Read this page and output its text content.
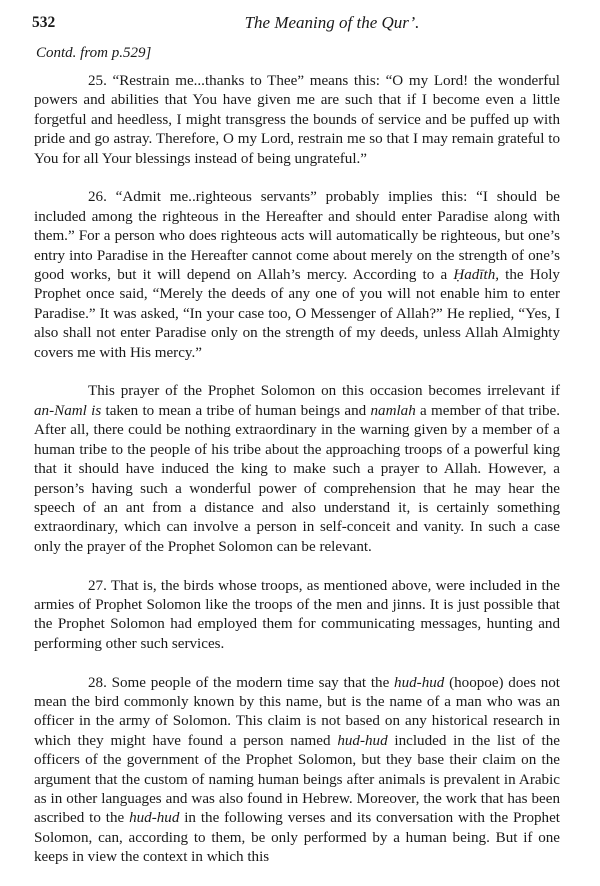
532	The Meaning of the Qur’.
Contd. from p.529]

25. “Restrain me...thanks to Thee” means this: “O my Lord! the wonderful powers and abilities that You have given me are such that if I become even a little forgetful and heedless, I might transgress the bounds of service and be puffed up with pride and go astray. Therefore, O my Lord, restrain me so that I may remain grateful to You for all Your blessings instead of being ungrateful.”

26. “Admit me..righteous servants” probably implies this: “I should be included among the righteous in the Hereafter and should enter Paradise along with them.” For a person who does righteous acts will automatically be righteous, but one’s entry into Paradise in the Hereafter cannot come about merely on the strength of one’s good works, but it will depend on Allah’s mercy. According to a Ḥadīth, the Holy Prophet once said, “Merely the deeds of any one of you will not enable him to enter Paradise.” It was asked, “In your case too, O Messenger of Allah?” He replied, “Yes, I also shall not enter Paradise only on the strength of my deeds, unless Allah Almighty covers me with His mercy.”

This prayer of the Prophet Solomon on this occasion becomes irrelevant if an-Naml is taken to mean a tribe of human beings and namlah a member of that tribe. After all, there could be nothing extraordinary in the warning given by a member of a human tribe to the people of his tribe about the approaching troops of a powerful king that it should have induced the king to make such a prayer to Allah. However, a person’s having such a wonderful power of comprehension that he may hear the speech of an ant from a distance and also understand it, is certainly something extraordinary, which can involve a person in self-conceit and vanity. In such a case only the prayer of the Prophet Solomon can be relevant.

27. That is, the birds whose troops, as mentioned above, were included in the armies of Prophet Solomon like the troops of the men and jinns. It is just possible that the Prophet Solomon had employed them for communicating messages, hunting and performing other such services.

28. Some people of the modern time say that the hud-hud (hoopoe) does not mean the bird commonly known by this name, but is the name of a man who was an officer in the army of Solomon. This claim is not based on any historical research in which they might have found a person named hud-hud included in the list of the officers of the government of the Prophet Solomon, but they base their claim on the argument that the custom of naming human beings after animals is prevalent in Arabic as in other languages and was also found in Hebrew. Moreover, the work that has been ascribed to the hud-hud in the following verses and its conversation with the Prophet Solomon, can, according to them, be only performed by a human being. But if one keeps in view the context in which this
